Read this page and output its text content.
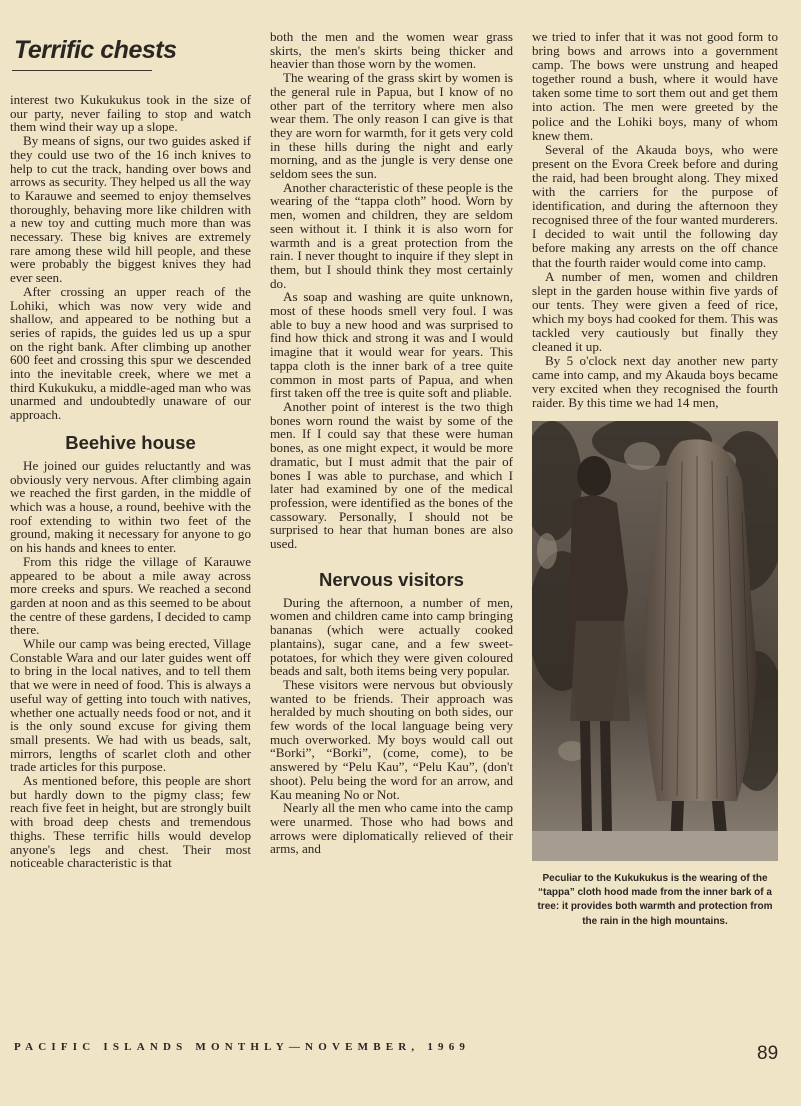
Terrific chests

interest two Kukukukus took in the size of our party, never failing to stop and watch them wind their way up a slope.

By means of signs, our two guides asked if they could use two of the 16 inch knives to help to cut the track, handing over bows and arrows as security. They helped us all the way to Karauwe and seemed to enjoy themselves thoroughly, behaving more like children with a new toy and cutting much more than was necessary. These big knives are extremely rare among these wild hill people, and these were probably the biggest knives they had ever seen.

After crossing an upper reach of the Lohiki, which was now very wide and shallow, and appeared to be nothing but a series of rapids, the guides led us up a spur on the right bank. After climbing up another 600 feet and crossing this spur we descended into the inevitable creek, where we met a third Kukukuku, a middle-aged man who was unarmed and undoubtedly unaware of our approach.

Beehive house

He joined our guides reluctantly and was obviously very nervous. After climbing again we reached the first garden, in the middle of which was a house, a round, beehive with the roof extending to within two feet of the ground, making it necessary for anyone to go on his hands and knees to enter.

From this ridge the village of Karauwe appeared to be about a mile away across more creeks and spurs. We reached a second garden at noon and as this seemed to be about the centre of these gardens, I decided to camp there.

While our camp was being erected, Village Constable Wara and our later guides went off to bring in the local natives, and to tell them that we were in need of food. This is always a useful way of getting into touch with natives, whether one actually needs food or not, and it is the only sound excuse for giving them small presents. We had with us beads, salt, mirrors, lengths of scarlet cloth and other trade articles for this purpose.

As mentioned before, this people are short but hardly down to the pigmy class; few reach five feet in height, but are strongly built with broad deep chests and tremendous thighs. These terrific hills would develop anyone's legs and chest. Their most noticeable characteristic is that

both the men and the women wear grass skirts, the men's skirts being thicker and heavier than those worn by the women.

The wearing of the grass skirt by women is the general rule in Papua, but I know of no other part of the territory where men also wear them. The only reason I can give is that they are worn for warmth, for it gets very cold in these hills during the night and early morning, and as the jungle is very dense one seldom sees the sun.

Another characteristic of these people is the wearing of the “tappa cloth” hood. Worn by men, women and children, they are seldom seen without it. I think it is also worn for warmth and is a great protection from the rain. I never thought to inquire if they slept in them, but I should think they most certainly do.

As soap and washing are quite unknown, most of these hoods smell very foul. I was able to buy a new hood and was surprised to find how thick and strong it was and I would imagine that it would wear for years. This tappa cloth is the inner bark of a tree quite common in most parts of Papua, and when first taken off the tree is quite soft and pliable.

Another point of interest is the two thigh bones worn round the waist by some of the men. If I could say that these were human bones, as one might expect, it would be more dramatic, but I must admit that the pair of bones I was able to purchase, and which I later had examined by one of the medical profession, were identified as the bones of the cassowary. Personally, I should not be surprised to hear that human bones are also used.

Nervous visitors

During the afternoon, a number of men, women and children came into camp bringing bananas (which were actually cooked plantains), sugar cane, and a few sweet-potatoes, for which they were given coloured beads and salt, both items being very popular.

These visitors were nervous but obviously wanted to be friends. Their approach was heralded by much shouting on both sides, our few words of the local language being very much overworked. My boys would call out “Borki”, “Borki”, (come, come), to be answered by “Pelu Kau”, “Pelu Kau”, (don't shoot). Pelu being the word for an arrow, and Kau meaning No or Not.

Nearly all the men who came into the camp were unarmed. Those who had bows and arrows were diplomatically relieved of their arms, and

we tried to infer that it was not good form to bring bows and arrows into a government camp. The bows were unstrung and heaped together round a bush, where it would have taken some time to sort them out and get them into action. The men were greeted by the police and the Lohiki boys, many of whom knew them.

Several of the Akauda boys, who were present on the Evora Creek before and during the raid, had been brought along. They mixed with the carriers for the purpose of identification, and during the afternoon they recognised three of the four wanted murderers. I decided to wait until the following day before making any arrests on the off chance that the fourth raider would come into camp.

A number of men, women and children slept in the garden house within five yards of our tents. They were given a feed of rice, which my boys had cooked for them. This was tackled very cautiously but finally they cleaned it up.

By 5 o'clock next day another new party came into camp, and my Akauda boys became very excited when they recognised the fourth raider. By this time we had 14 men,

Peculiar to the Kukukukus is the wearing of the “tappa” cloth hood made from the inner bark of a tree: it provides both warmth and protection from the rain in the high mountains.
PACIFIC ISLANDS MONTHLY—NOVEMBER, 1969	89
